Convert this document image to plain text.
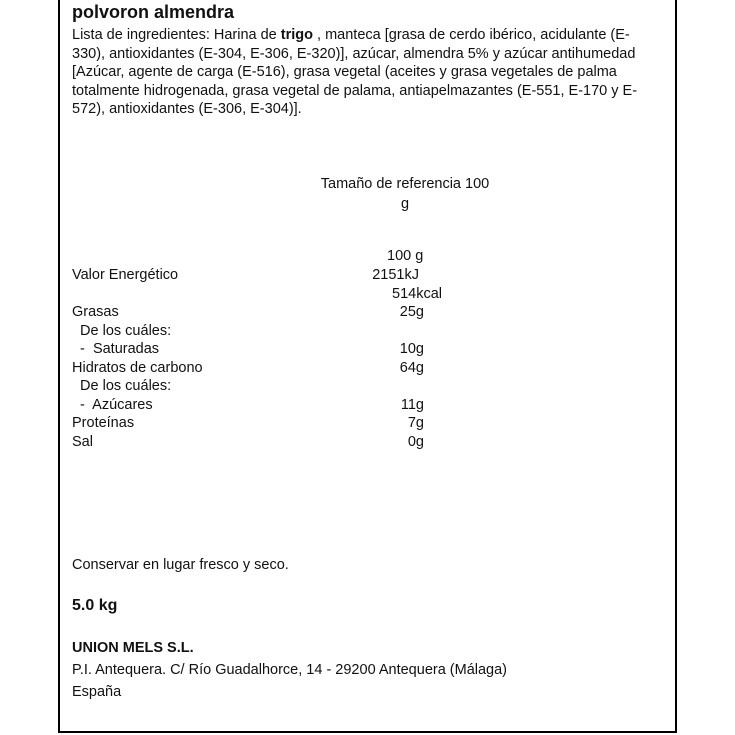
polvoron almendra
Lista de ingredientes: Harina de trigo , manteca [grasa de cerdo ibérico, acidulante (E-330), antioxidantes (E-304, E-306, E-320)], azúcar, almendra 5% y azúcar antihumedad [Azúcar, agente de carga (E-516), grasa vegetal (aceites y grasa vegetales de palma totalmente hidrogenada, grasa vegetal de palama, antiapelmazantes (E-551, E-170 y E-572), antioxidantes (E-306, E-304)].
Tamaño de referencia 100
g
100 g
Valor Energético	2151kJ
514kcal
Grasas	25g
De los cuáles:
-  Saturadas	10g
Hidratos de carbono	64g
De los cuáles:
-  Azúcares	11g
Proteínas	7g
Sal	0g
Conservar en lugar fresco y seco.
5.0 kg
UNION MELS S.L.
P.I. Antequera. C/ Río Guadalhorce, 14 - 29200 Antequera (Málaga)
España
